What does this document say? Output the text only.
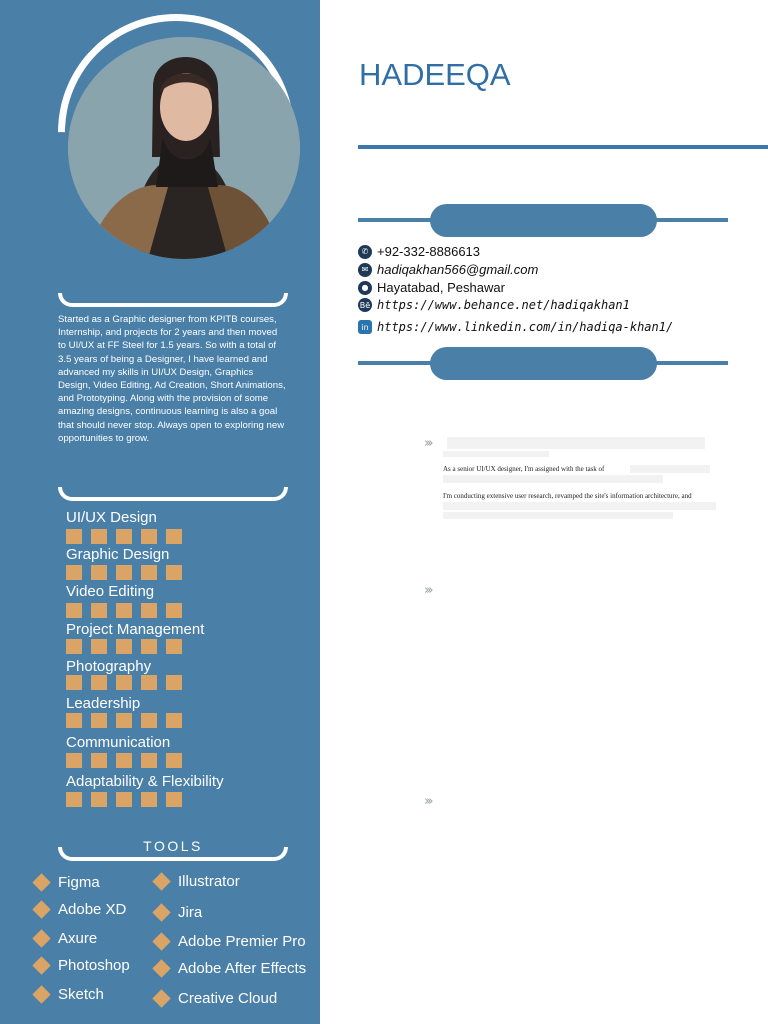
Started as a Graphic designer from KPITB courses, Internship, and projects for 2 years and then moved to UI/UX at FF Steel for 1.5 years. So with a total of 3.5 years of being a Designer, I have learned and advanced my skills in UI/UX Design, Graphics Design, Video Editing, Ad Creation, Short Animations, and Prototyping. Along with the provision of some amazing designs, continuous learning is also a goal that should never stop. Always open to exploring new opportunities to grow.
UI/UX Design
Graphic Design
Video Editing
Project Management
Photography
Leadership
Communication
Adaptability & Flexibility
TOOLS
Figma
Adobe XD
Axure
Photoshop
Sketch
Illustrator
Jira
Adobe Premier Pro
Adobe After Effects
Creative Cloud
HADEEQA
✆ +92-332-8886613
✉ hadiqakhan566@gmail.com
● Hayatabad, Peshawar
Bē https://www.behance.net/hadiqakhan1
in https://www.linkedin.com/in/hadiqa-khan1/
›››
As a senior UI/UX designer, I'm assigned with the task of
I'm conducting extensive user research, revamped the site's information architecture, and
›››
›››
